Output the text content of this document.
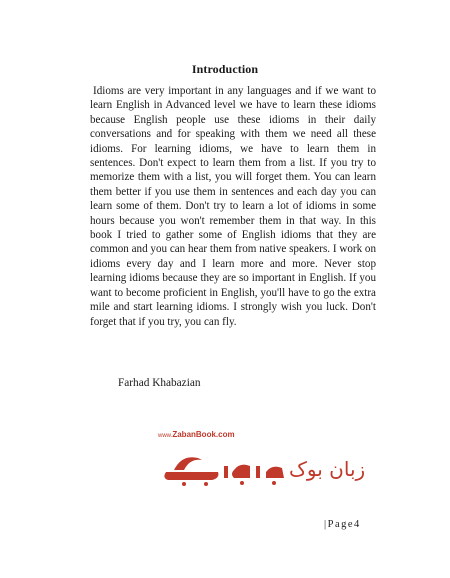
Introduction

Idioms are very important in any languages and if we want to learn English in Advanced level we have to learn these idioms because English people use these idioms in their daily conversations and for speaking with them we need all these idioms. For learning idioms, we have to learn them in sentences. Don't expect to learn them from a list. If you try to memorize them with a list, you will forget them. You can learn them better if you use them in sentences and each day you can learn some of them. Don't try to learn a lot of idioms in some hours because you won't remember them in that way. In this book I tried to gather some of English idioms that they are common and you can hear them from native speakers. I work on idioms every day and I learn more and more. Never stop learning idioms because they are so important in English. If you want to become proficient in English, you'll have to go the extra mile and start learning idioms. I strongly wish you luck. Don't forget that if you try, you can fly.

Farhad Khabazian
www.ZabanBook.com
زبان بوک
|Page4
